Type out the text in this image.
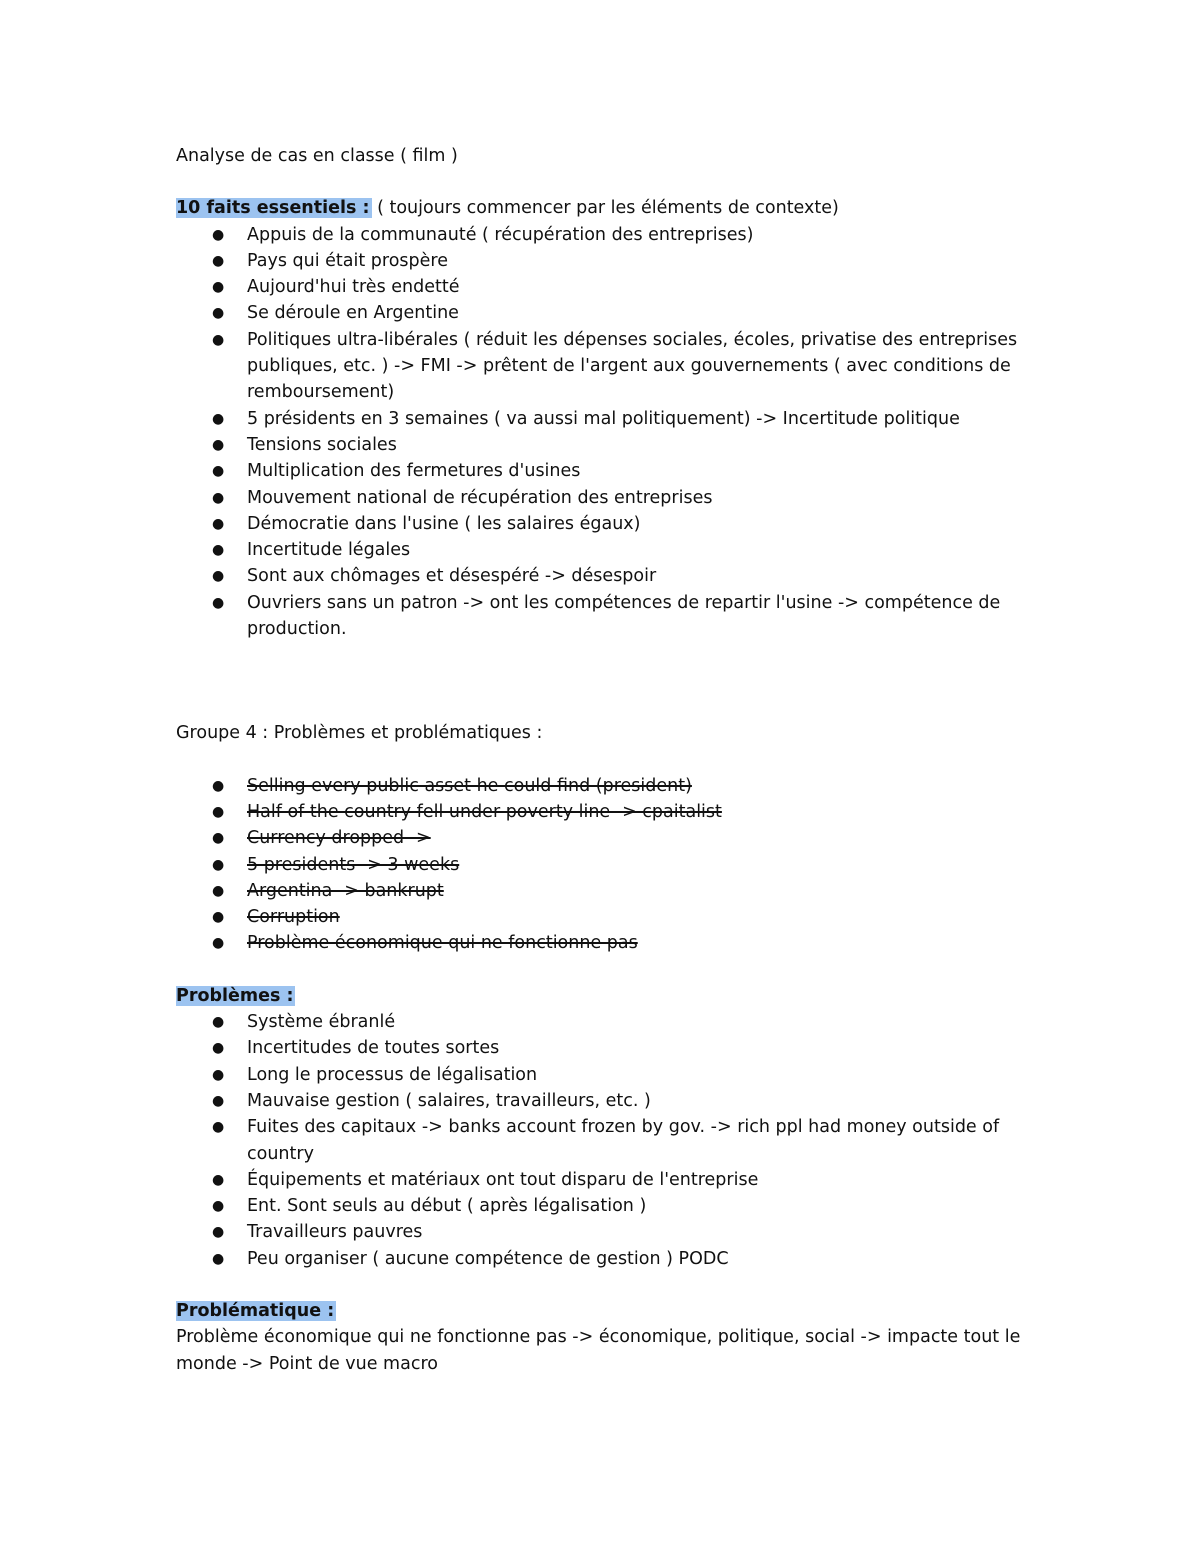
Analyse de cas en classe ( film )

10 faits essentiels : ( toujours commencer par les éléments de contexte)

● Appuis de la communauté ( récupération des entreprises)
● Pays qui était prospère
● Aujourd'hui très endetté
● Se déroule en Argentine
● Politiques ultra-libérales ( réduit les dépenses sociales, écoles, privatise des entreprises publiques, etc. ) -> FMI -> prêtent de l'argent aux gouvernements ( avec conditions de remboursement)
● 5 présidents en 3 semaines ( va aussi mal politiquement) -> Incertitude politique
● Tensions sociales
● Multiplication des fermetures d'usines
● Mouvement national de récupération des entreprises
● Démocratie dans l'usine ( les salaires égaux)
● Incertitude légales
● Sont aux chômages et désespéré -> désespoir
● Ouvriers sans un patron -> ont les compétences de repartir l'usine -> compétence de production.

Groupe 4 : Problèmes et problématiques :

● Selling every public asset he could find (president)
● Half of the country fell under poverty line -> cpaitalist
● Currency dropped ->
● 5 presidents -> 3 weeks
● Argentina -> bankrupt
● Corruption
● Problème économique qui ne fonctionne pas

Problèmes :

● Système ébranlé
● Incertitudes de toutes sortes
● Long le processus de légalisation
● Mauvaise gestion ( salaires, travailleurs, etc. )
● Fuites des capitaux -> banks account frozen by gov. -> rich ppl had money outside of country
● Équipements et matériaux ont tout disparu de l'entreprise
● Ent. Sont seuls au début ( après légalisation )
● Travailleurs pauvres
● Peu organiser ( aucune compétence de gestion ) PODC

Problématique :

Problème économique qui ne fonctionne pas -> économique, politique, social -> impacte tout le monde -> Point de vue macro
